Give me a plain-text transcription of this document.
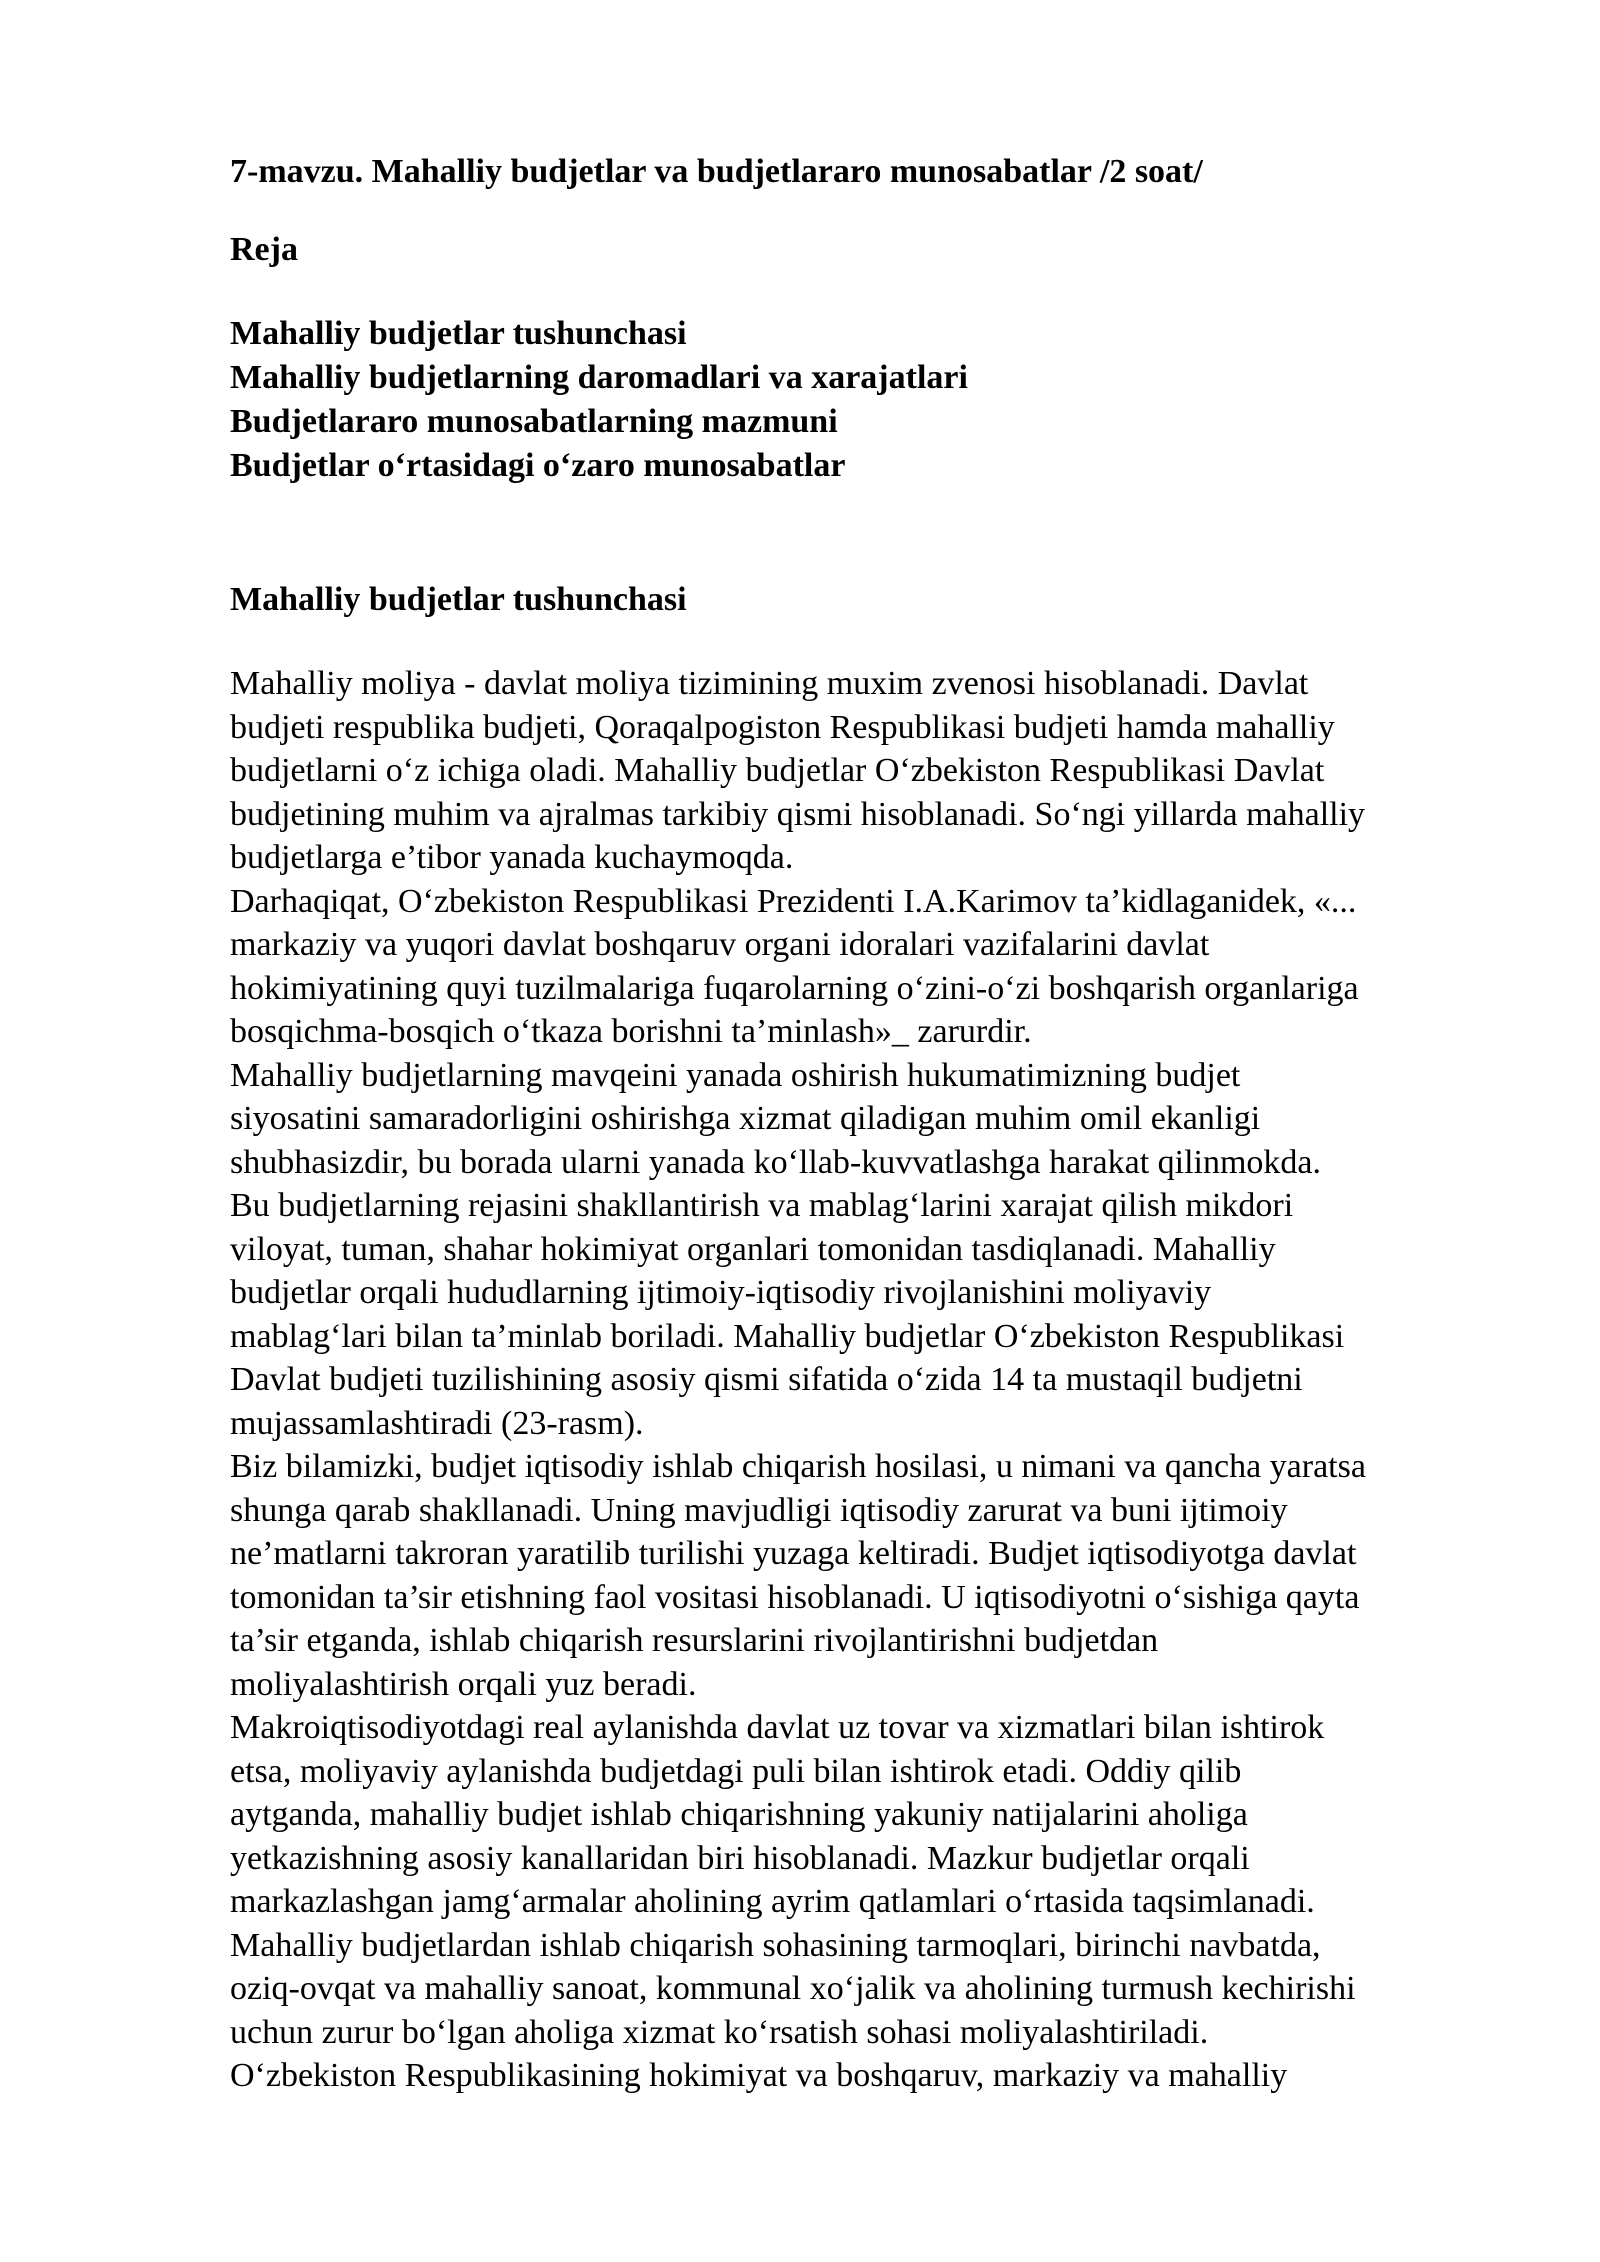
7-mavzu. Mahalliy budjetlar va budjetlararo munosabatlar /2 soat/
Reja
Mahalliy budjetlar tushunchasi
Mahalliy budjetlarning daromadlari va xarajatlari
Budjetlararo munosabatlarning mazmuni
Budjetlar o‘rtasidagi o‘zaro munosabatlar
Mahalliy budjetlar tushunchasi
Mahalliy moliya - davlat moliya tizimining muxim zvenosi hisoblanadi. Davlat
budjeti respublika budjeti, Qoraqalpogiston Respublikasi budjeti hamda mahalliy
budjetlarni o‘z ichiga oladi. Mahalliy budjetlar O‘zbekiston Respublikasi Davlat
budjetining muhim va ajralmas tarkibiy qismi hisoblanadi. So‘ngi yillarda mahalliy
budjetlarga e’tibor yanada kuchaymoqda.
Darhaqiqat, O‘zbekiston Respublikasi Prezidenti I.A.Karimov ta’kidlaganidek, «...
markaziy va yuqori davlat boshqaruv organi idoralari vazifalarini davlat
hokimiyatining quyi tuzilmalariga fuqarolarning o‘zini-o‘zi boshqarish organlariga
bosqichma-bosqich o‘tkaza borishni ta’minlash»_ zarurdir.
Mahalliy budjetlarning mavqeini yanada oshirish hukumatimizning budjet
siyosatini samaradorligini oshirishga xizmat qiladigan muhim omil ekanligi
shubhasizdir, bu borada ularni yanada ko‘llab-kuvvatlashga harakat qilinmokda.
Bu budjetlarning rejasini shakllantirish va mablag‘larini xarajat qilish mikdori
viloyat, tuman, shahar hokimiyat organlari tomonidan tasdiqlanadi. Mahalliy
budjetlar orqali hududlarning ijtimoiy-iqtisodiy rivojlanishini moliyaviy
mablag‘lari bilan ta’minlab boriladi. Mahalliy budjetlar O‘zbekiston Respublikasi
Davlat budjeti tuzilishining asosiy qismi sifatida o‘zida 14 ta mustaqil budjetni
mujassamlashtiradi (23-rasm).
Biz bilamizki, budjet iqtisodiy ishlab chiqarish hosilasi, u nimani va qancha yaratsa
shunga qarab shakllanadi. Uning mavjudligi iqtisodiy zarurat va buni ijtimoiy
ne’matlarni takroran yaratilib turilishi yuzaga keltiradi. Budjet iqtisodiyotga davlat
tomonidan ta’sir etishning faol vositasi hisoblanadi. U iqtisodiyotni o‘sishiga qayta
ta’sir etganda, ishlab chiqarish resurslarini rivojlantirishni budjetdan
moliyalashtirish orqali yuz beradi.
Makroiqtisodiyotdagi real aylanishda davlat uz tovar va xizmatlari bilan ishtirok
etsa, moliyaviy aylanishda budjetdagi puli bilan ishtirok etadi. Oddiy qilib
aytganda, mahalliy budjet ishlab chiqarishning yakuniy natijalarini aholiga
yetkazishning asosiy kanallaridan biri hisoblanadi. Mazkur budjetlar orqali
markazlashgan jamg‘armalar aholining ayrim qatlamlari o‘rtasida taqsimlanadi.
Mahalliy budjetlardan ishlab chiqarish sohasining tarmoqlari, birinchi navbatda,
oziq-ovqat va mahalliy sanoat, kommunal xo‘jalik va aholining turmush kechirishi
uchun zurur bo‘lgan aholiga xizmat ko‘rsatish sohasi moliyalashtiriladi.
O‘zbekiston Respublikasining hokimiyat va boshqaruv, markaziy va mahalliy
